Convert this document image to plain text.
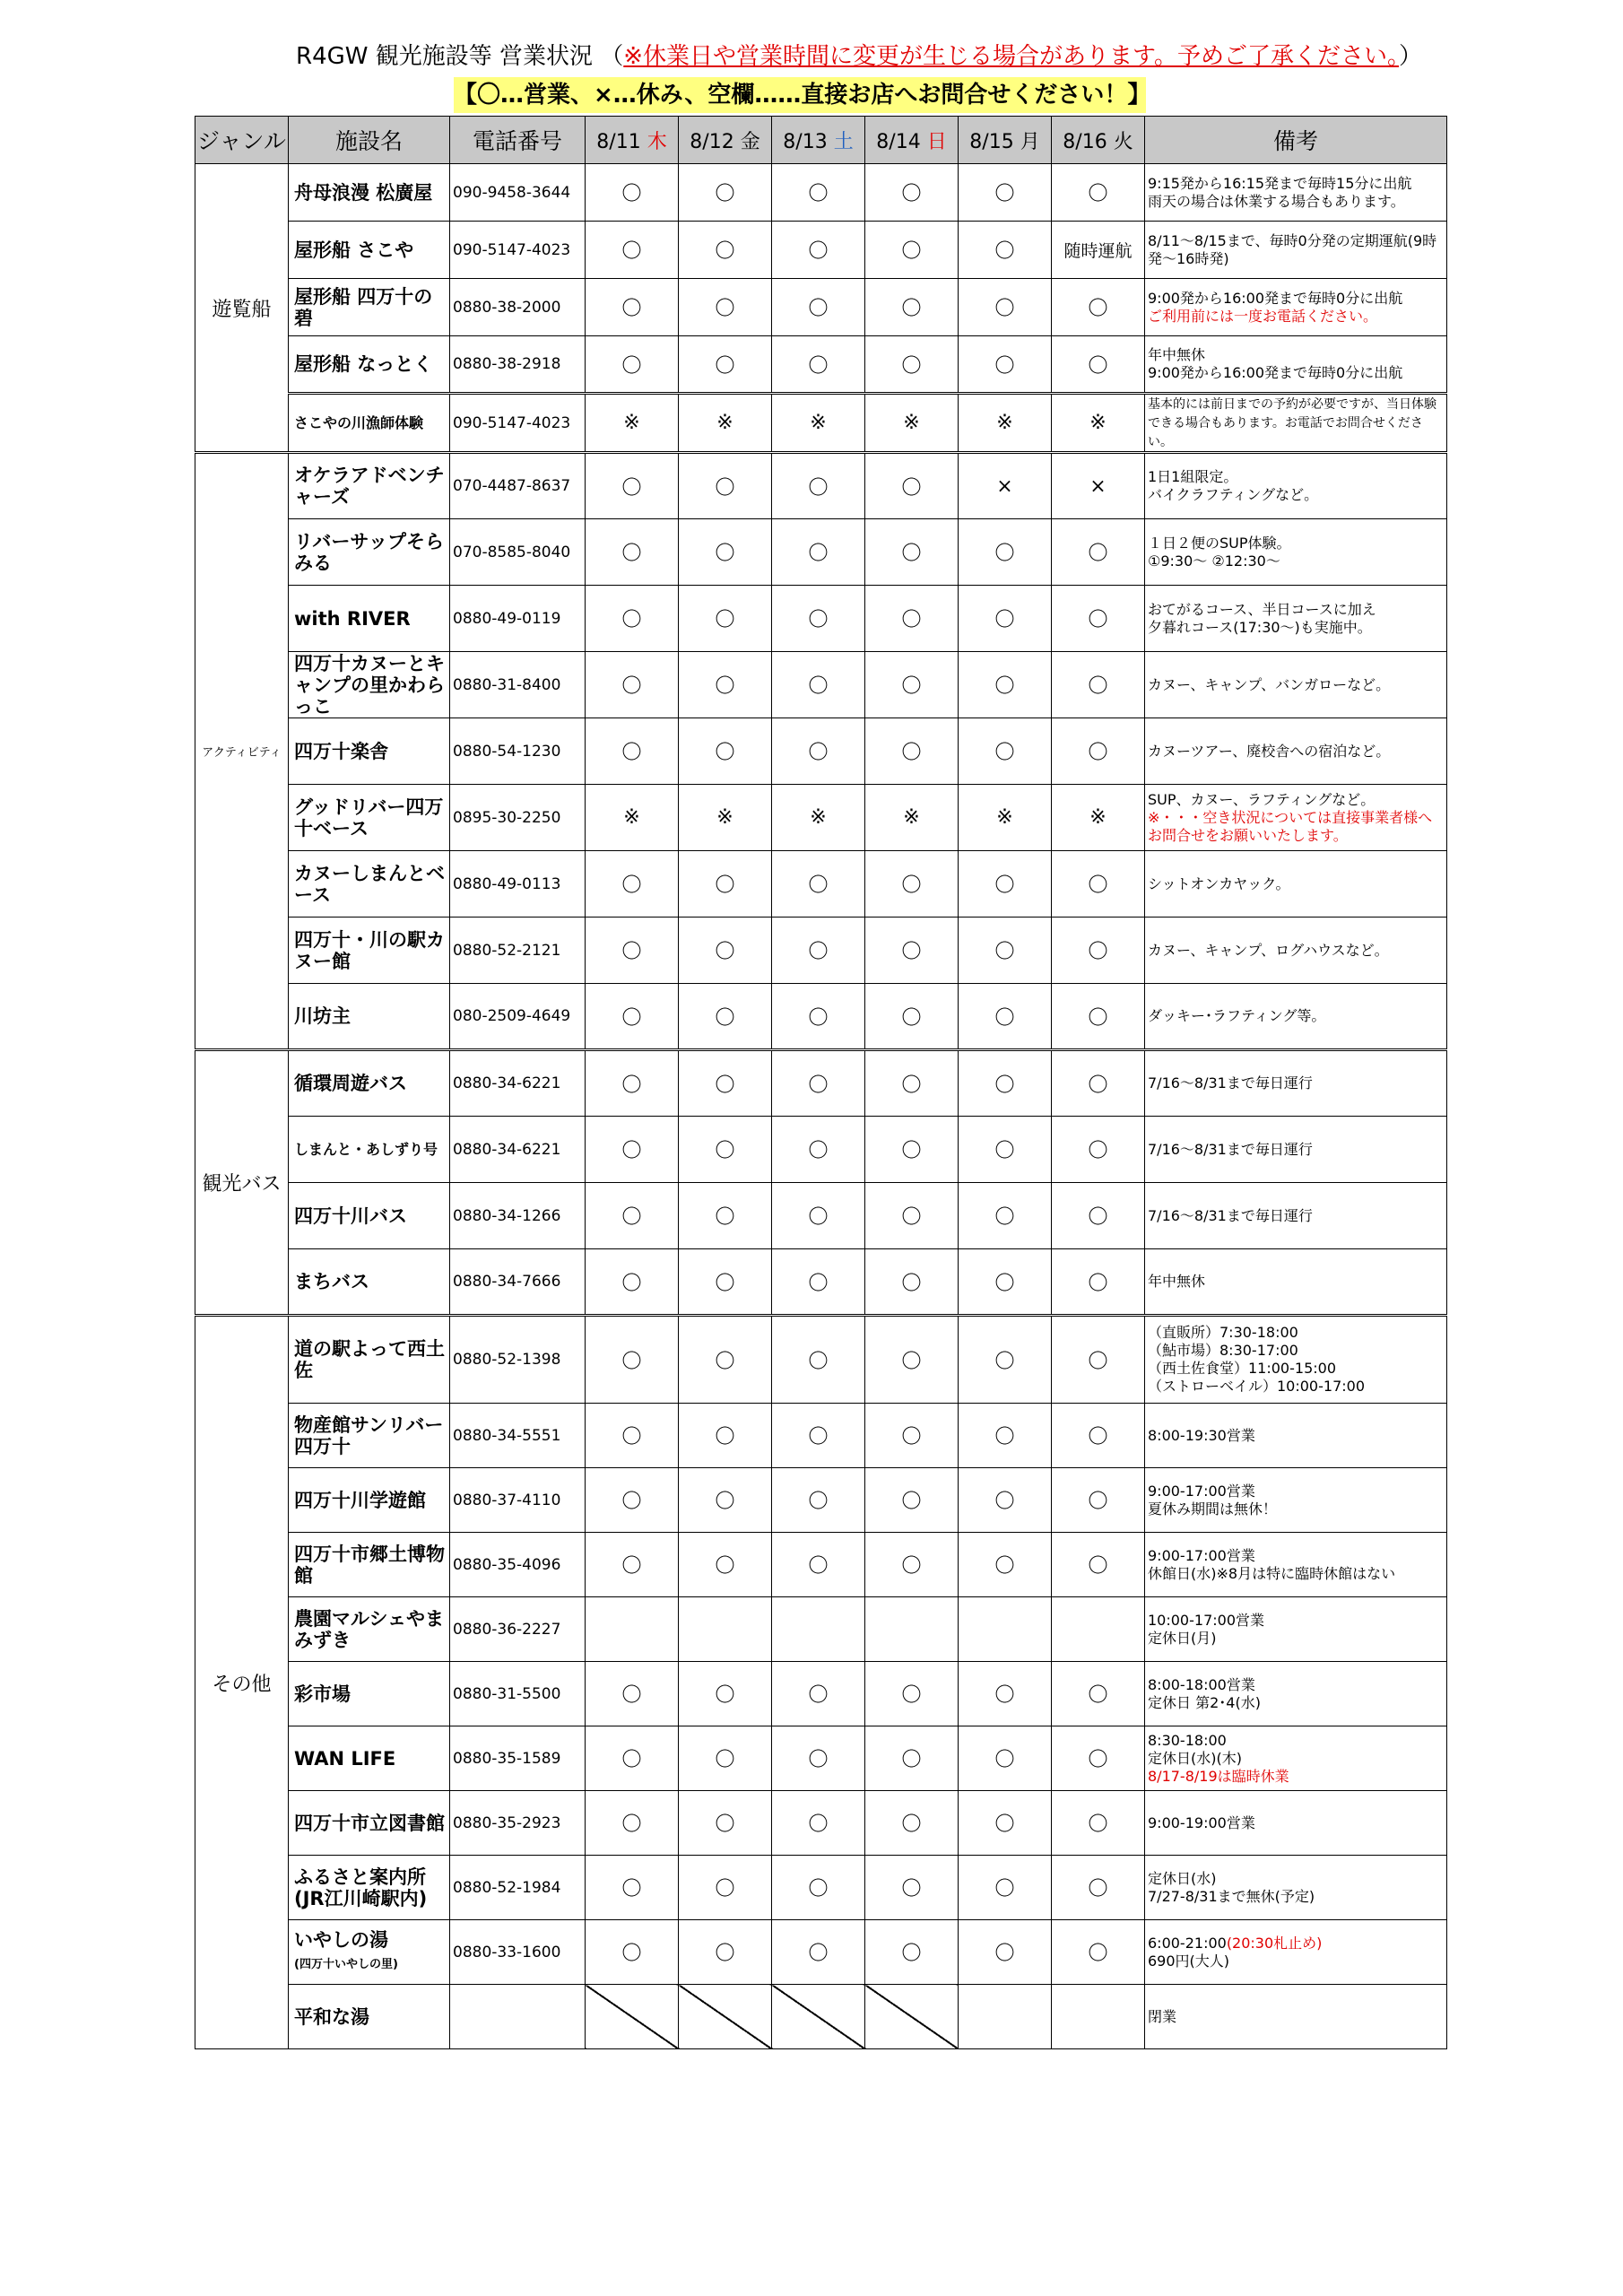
R4GW 観光施設等 営業状況 （※休業日や営業時間に変更が生じる場合があります。予めご了承ください。）
【〇…営業、×…休み、空欄……直接お店へお問合せください！】
ジャンル	施設名	電話番号	8/11 木	8/12 金	8/13 土	8/14 日	8/15 月	8/16 火	備考
遊覧船	舟母浪漫 松廣屋	090-9458-3644	〇	〇	〇	〇	〇	〇	9:15発から16:15発まで毎時15分に出航
雨天の場合は休業する場合もあります。
	屋形船 さこや	090-5147-4023	〇	〇	〇	〇	〇	随時運航	8/11～8/15まで、毎時0分発の定期運航(9時発～16時発)
	屋形船 四万十の碧	0880-38-2000	〇	〇	〇	〇	〇	〇	9:00発から16:00発まで毎時0分に出航
ご利用前には一度お電話ください。
	屋形船 なっとく	0880-38-2918	〇	〇	〇	〇	〇	〇	年中無休
9:00発から16:00発まで毎時0分に出航
	さこやの川漁師体験	090-5147-4023	※	※	※	※	※	※	基本的には前日までの予約が必要ですが、当日体験できる場合もあります。お電話でお問合せください。
アクティビティ	オケラアドベンチャーズ	070-4487-8637	〇	〇	〇	〇	×	×	1日1組限定。
バイクラフティングなど。
	リバーサップそらみる	070-8585-8040	〇	〇	〇	〇	〇	〇	１日２便のSUP体験。
①9:30～ ②12:30～
	with RIVER	0880-49-0119	〇	〇	〇	〇	〇	〇	おてがるコース、半日コースに加え
夕暮れコース(17:30～)も実施中。
	四万十カヌーとキャンプの里かわらっこ	0880-31-8400	〇	〇	〇	〇	〇	〇	カヌー、キャンプ、バンガローなど。
	四万十楽舎	0880-54-1230	〇	〇	〇	〇	〇	〇	カヌーツアー、廃校舎への宿泊など。
	グッドリバー四万十ベース	0895-30-2250	※	※	※	※	※	※	SUP、カヌー、ラフティングなど。
※・・・空き状況については直接事業者様へお問合せをお願いいたします。
	カヌーしまんとベース	0880-49-0113	〇	〇	〇	〇	〇	〇	シットオンカヤック。
	四万十・川の駅カヌー館	0880-52-2121	〇	〇	〇	〇	〇	〇	カヌー、キャンプ、ログハウスなど。
	川坊主	080-2509-4649	〇	〇	〇	〇	〇	〇	ダッキー･ラフティング等。
観光バス	循環周遊バス	0880-34-6221	〇	〇	〇	〇	〇	〇	7/16～8/31まで毎日運行
	しまんと・あしずり号	0880-34-6221	〇	〇	〇	〇	〇	〇	7/16～8/31まで毎日運行
	四万十川バス	0880-34-1266	〇	〇	〇	〇	〇	〇	7/16～8/31まで毎日運行
	まちバス	0880-34-7666	〇	〇	〇	〇	〇	〇	年中無休
その他	道の駅よって西土佐	0880-52-1398	〇	〇	〇	〇	〇	〇	（直販所）7:30-18:00
（鮎市場）8:30-17:00
（西土佐食堂）11:00-15:00
（ストローベイル）10:00-17:00
	物産館サンリバー四万十	0880-34-5551	〇	〇	〇	〇	〇	〇	8:00-19:30営業
	四万十川学遊館	0880-37-4110	〇	〇	〇	〇	〇	〇	9:00-17:00営業
夏休み期間は無休！
	四万十市郷土博物館	0880-35-4096	〇	〇	〇	〇	〇	〇	9:00-17:00営業
休館日(水)※8月は特に臨時休館はない
	農園マルシェやまみずき	0880-36-2227							10:00-17:00営業
定休日(月)
	彩市場	0880-31-5500	〇	〇	〇	〇	〇	〇	8:00-18:00営業
定休日 第2･4(水)
	WAN LIFE	0880-35-1589	〇	〇	〇	〇	〇	〇	8:30-18:00
定休日(水)(木)
8/17-8/19は臨時休業
	四万十市立図書館	0880-35-2923	〇	〇	〇	〇	〇	〇	9:00-19:00営業
	ふるさと案内所(JR江川崎駅内)	0880-52-1984	〇	〇	〇	〇	〇	〇	定休日(水)
7/27-8/31まで無休(予定)
	いやしの湯
(四万十いやしの里)	0880-33-1600	〇	〇	〇	〇	〇	〇	6:00-21:00(20:30札止め)
690円(大人)
	平和な湯								閉業
